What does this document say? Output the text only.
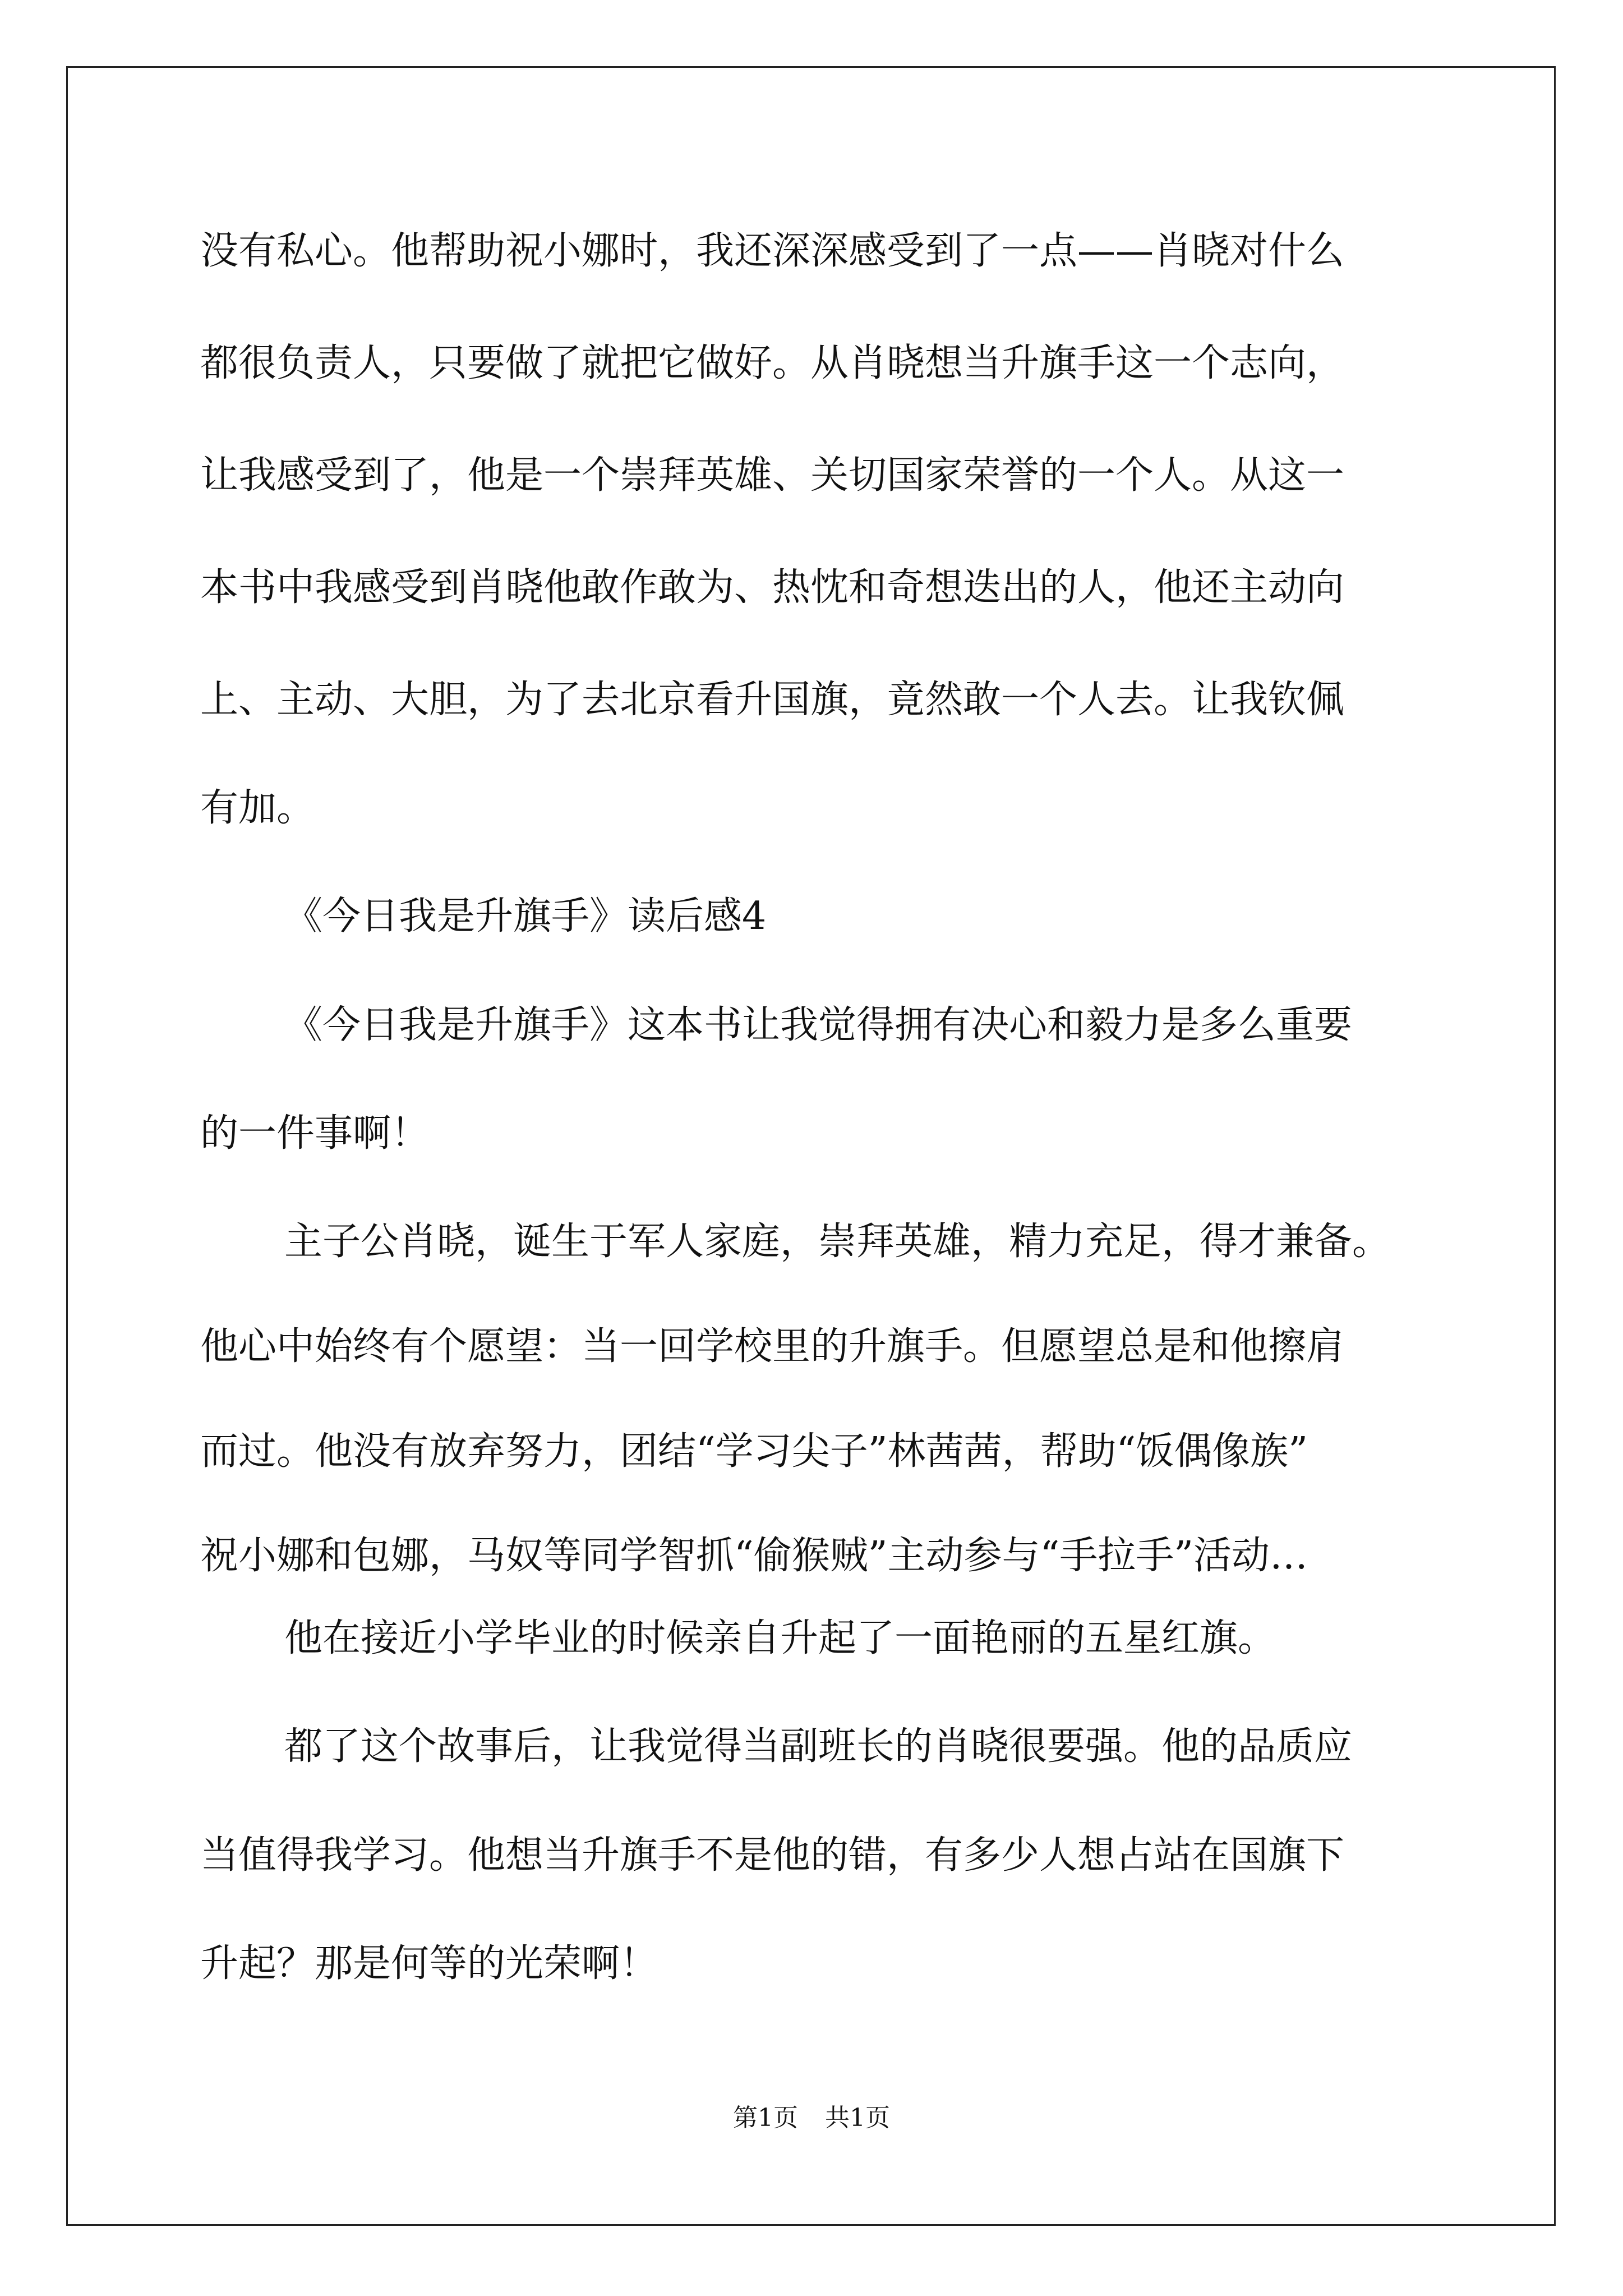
没有私心。他帮助祝小娜时，我还深深感受到了一点——肖晓对什么

都很负责人，只要做了就把它做好。从肖晓想当升旗手这一个志向，

让我感受到了，他是一个崇拜英雄、关切国家荣誉的一个人。从这一

本书中我感受到肖晓他敢作敢为、热忱和奇想迭出的人，他还主动向

上、主动、大胆，为了去北京看升国旗，竟然敢一个人去。让我钦佩

有加。

《今日我是升旗手》读后感4

《今日我是升旗手》这本书让我觉得拥有决心和毅力是多么重要

的一件事啊！

主子公肖晓，诞生于军人家庭，崇拜英雄，精力充足，得才兼备。

他心中始终有个愿望：当一回学校里的升旗手。但愿望总是和他擦肩

而过。他没有放弃努力，团结“学习尖子”林茜茜，帮助“饭偶像族”

祝小娜和包娜，马奴等同学智抓“偷猴贼”主动参与“手拉手”活动…

他在接近小学毕业的时候亲自升起了一面艳丽的五星红旗。

都了这个故事后，让我觉得当副班长的肖晓很要强。他的品质应

当值得我学习。他想当升旗手不是他的错，有多少人想占站在国旗下

升起？那是何等的光荣啊！

第1页 共1页
